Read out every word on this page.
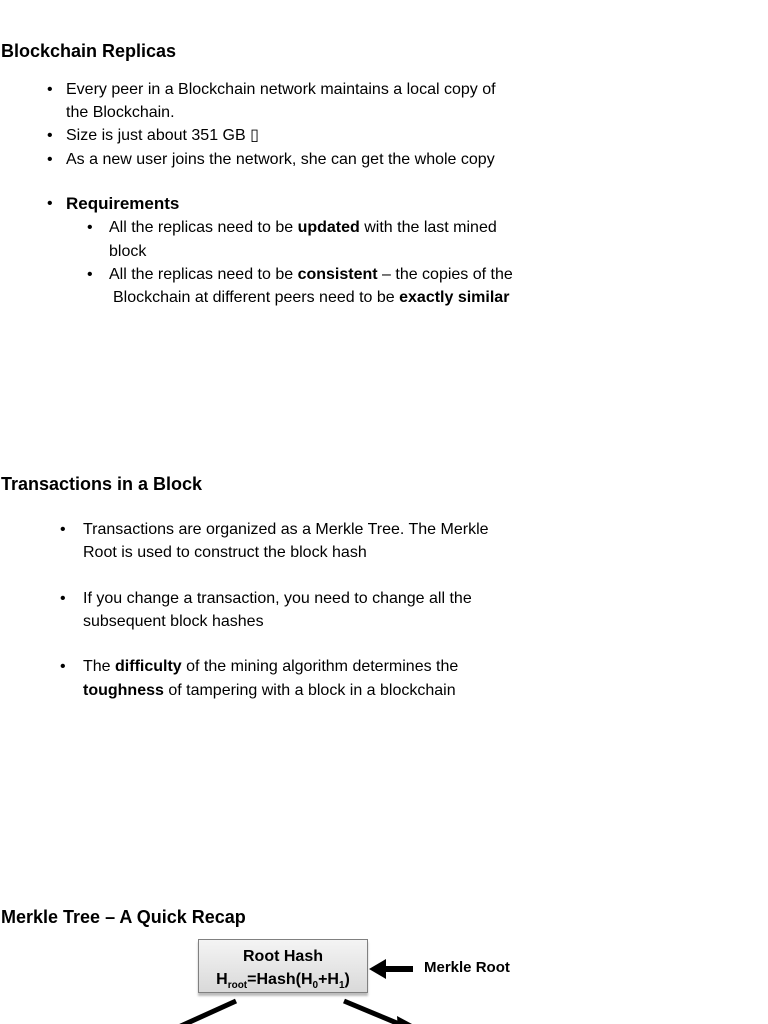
Blockchain Replicas
• Every peer in a Blockchain network maintains a local copy of
the Blockchain.
• Size is just about 351 GB ▯
• As a new user joins the network, she can get the whole copy
• Requirements
• All the replicas need to be updated with the last mined
block
• All the replicas need to be consistent – the copies of the
Blockchain at different peers need to be exactly similar
Transactions in a Block
• Transactions are organized as a Merkle Tree. The Merkle
Root is used to construct the block hash
• If you change a transaction, you need to change all the
subsequent block hashes
• The difficulty of the mining algorithm determines the
toughness of tampering with a block in a blockchain
Merkle Tree – A Quick Recap
Root Hash
$H_{root}=Hash(H_0+H_1)$
Merkle Root
